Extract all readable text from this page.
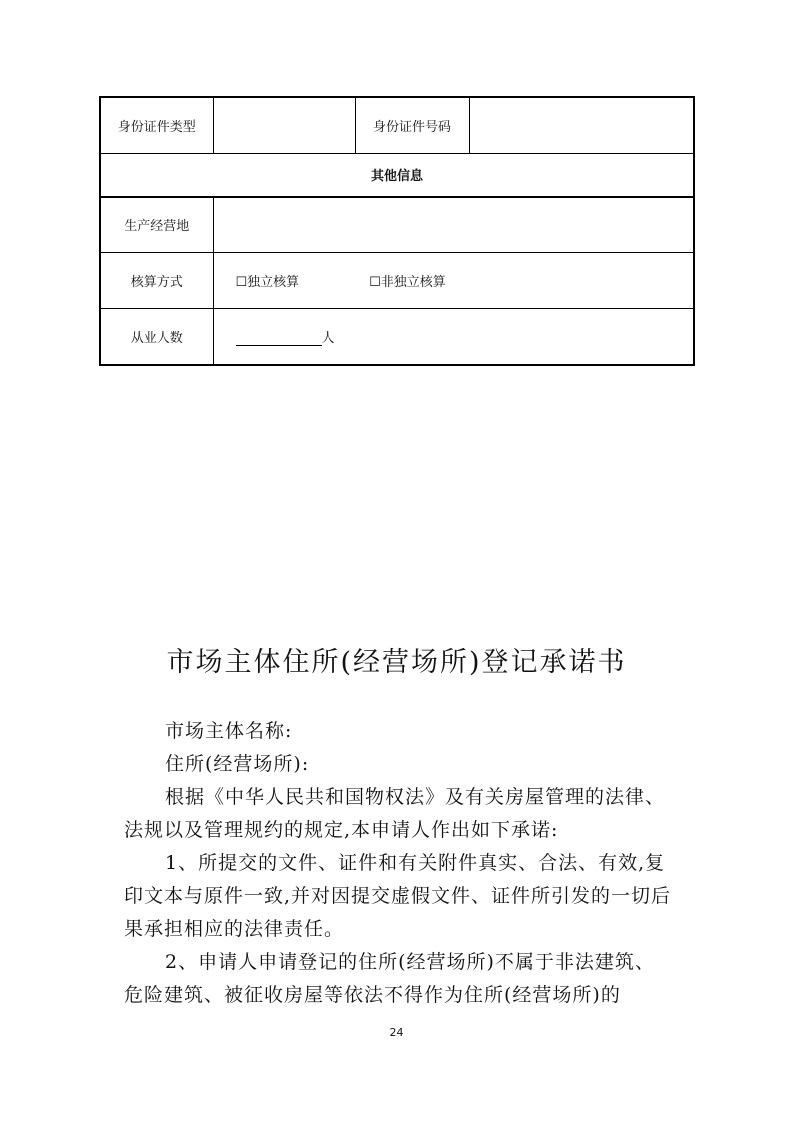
身份证件类型		身份证件号码	
其他信息			
生产经营地			
核算方式	☐独立核算 ☐非独立核算		
从业人数	人		
市场主体住所(经营场所)登记承诺书

市场主体名称:

住所(经营场所):

根据《中华人民共和国物权法》及有关房屋管理的法律、法规以及管理规约的规定,本申请人作出如下承诺:

1、所提交的文件、证件和有关附件真实、合法、有效,复印文本与原件一致,并对因提交虚假文件、证件所引发的一切后果承担相应的法律责任。

2、申请人申请登记的住所(经营场所)不属于非法建筑、危险建筑、被征收房屋等依法不得作为住所(经营场所)的

24
